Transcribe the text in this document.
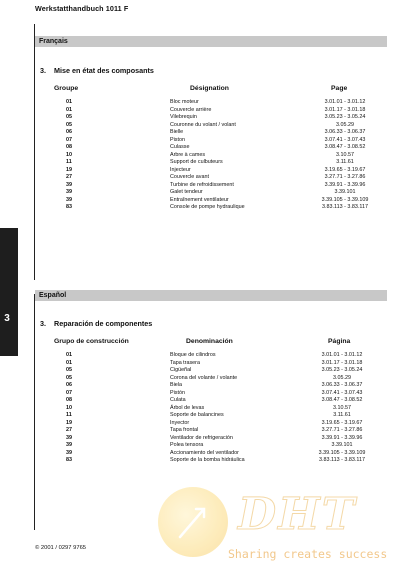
Werkstatthandbuch 1011 F
3
Français
3. Mise en état des composants
Groupe	Désignation	Page
01	Bloc moteur	3.01.01 - 3.01.12
01	Couvercle arrière	3.01.17 - 3.01.18
05	Vilebrequin	3.05.23 - 3.05.24
05	Couronne du volant / volant	3.05.29
06	Bielle	3.06.33 - 3.06.37
07	Piston	3.07.41 - 3.07.43
08	Culasse	3.08.47 - 3.08.52
10	Arbre à cames	3.10.57
11	Support de culbuteurs	3.11.61
19	Injecteur	3.19.65 - 3.19.67
27	Couvercle avant	3.27.71 - 3.27.86
39	Turbine de refroidissement	3.39.91 - 3.39.96
39	Galet tendeur	3.39.101
39	Entraînement ventilateur	3.39.105 - 3.39.109
83	Console de pompe hydraulique	3.83.113 - 3.83.117
Español
3. Reparación de componentes
Grupo de construcción	Denominación	Página
01	Bloque de cilindros	3.01.01 - 3.01.12
01	Tapa trasera	3.01.17 - 3.01.18
05	Cigüeñal	3.05.23 - 3.05.24
05	Corona del volante / volante	3.05.29
06	Biela	3.06.33 - 3.06.37
07	Pistón	3.07.41 - 3.07.43
08	Culata	3.08.47 - 3.08.52
10	Árbol de levas	3.10.57
11	Soporte de balancines	3.11.61
19	Inyector	3.19.65 - 3.19.67
27	Tapa frontal	3.27.71 - 3.27.86
39	Ventilador de refrigeración	3.39.91 - 3.39.96
39	Polea tensora	3.39.101
39	Accionamiento del ventilador	3.39.105 - 3.39.109
83	Soporte de la bomba hidráulica	3.83.113 - 3.83.117
© 2001 / 0297 9765
DHT
Sharing creates success
